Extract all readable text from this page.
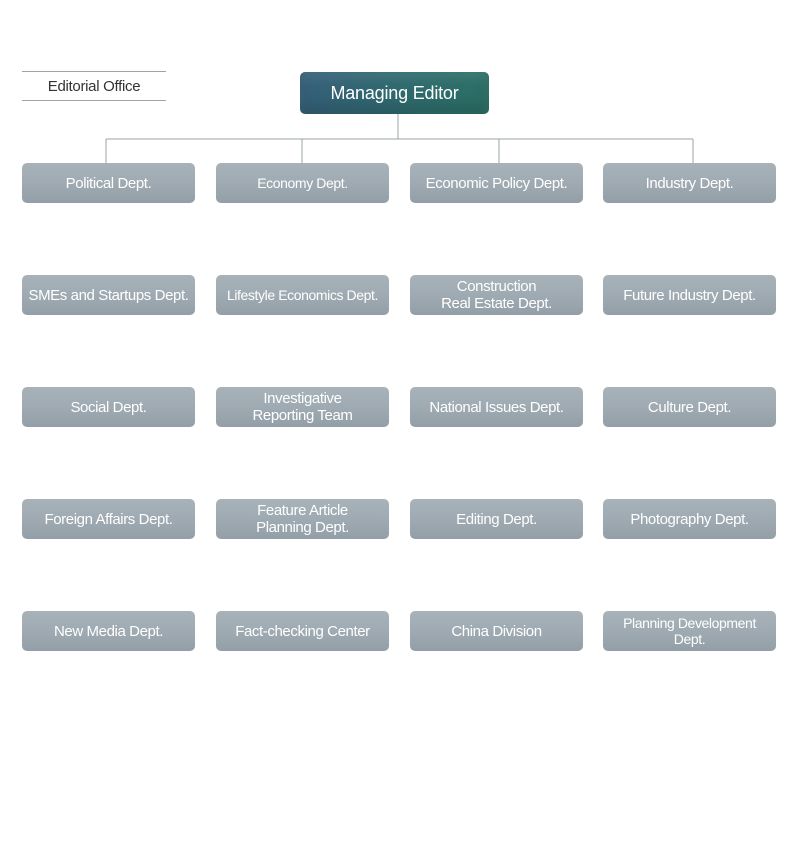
Editorial Office	Managing Editor
Political Dept.	Economy Dept.	Economic Policy Dept.	Industry Dept.
SMEs and Startups Dept.	Lifestyle Economics Dept.	Construction
Real Estate Dept.	Future Industry Dept.
Social Dept.	Investigative
Reporting Team	National Issues Dept.	Culture Dept.
Foreign Affairs Dept.	Feature Article
Planning Dept.	Editing Dept.	Photography Dept.
New Media Dept.	Fact-checking Center	China Division	Planning Development
Dept.
